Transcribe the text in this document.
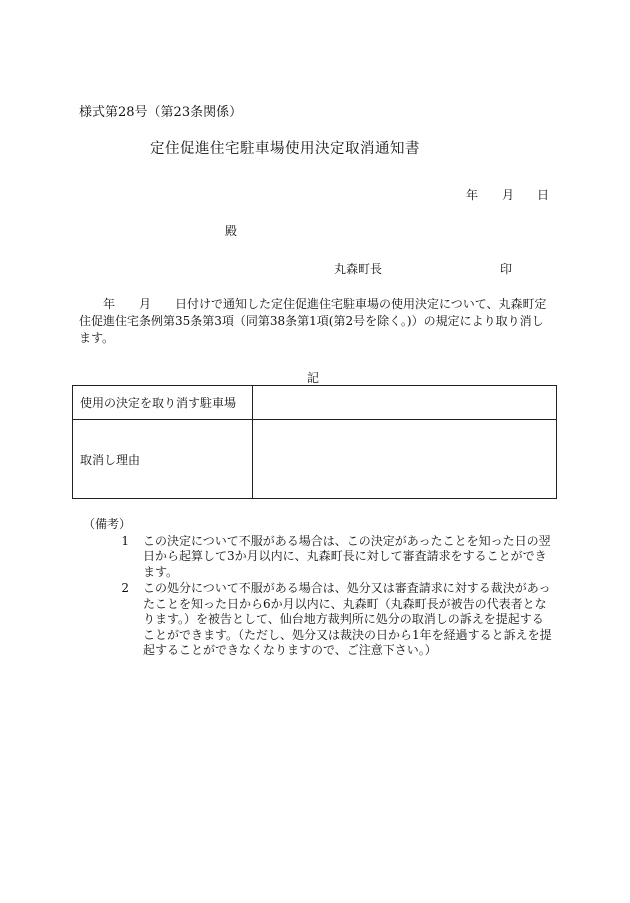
様式第28号（第23条関係）
定住促進住宅駐車場使用決定取消通知書
年 月 日
殿
丸森町長	印
　　年　　月　　日付けで通知した定住促進住宅駐車場の使用決定について、丸森町定住促進住宅条例第35条第3項（同第38条第1項(第2号を除く。)）の規定により取り消します。
記
使用の決定を取り消す駐車場	
取消し理由	
（備考）
1	この決定について不服がある場合は、この決定があったことを知った日の翌日から起算して3か月以内に、丸森町長に対して審査請求をすることができます。
2	この処分について不服がある場合は、処分又は審査請求に対する裁決があったことを知った日から6か月以内に、丸森町（丸森町長が被告の代表者となります。）を被告として、仙台地方裁判所に処分の取消しの訴えを提起することができます。（ただし、処分又は裁決の日から1年を経過すると訴えを提起することができなくなりますので、ご注意下さい。）
